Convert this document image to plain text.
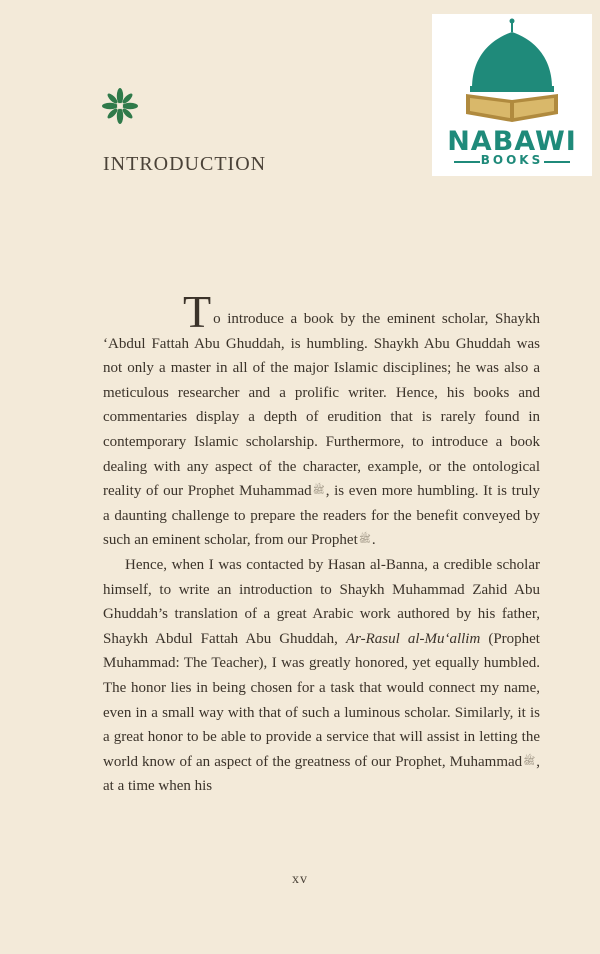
INTRODUCTION
NABAWI
BOOKS

To introduce a book by the eminent scholar, Shaykh ‘Abdul Fattah Abu Ghuddah, is humbling. Shaykh Abu Ghuddah was not only a master in all of the major Islamic disciplines; he was also a meticulous researcher and a prolific writer. Hence, his books and commentaries display a depth of erudition that is rarely found in contemporary Islamic scholarship. Furthermore, to introduce a book dealing with any aspect of the character, example, or the ontological reality of our Prophet Muhammadﷺ, is even more humbling. It is truly a daunting challenge to prepare the readers for the benefit conveyed by such an eminent scholar, from our Prophetﷺ.

Hence, when I was contacted by Hasan al-Banna, a credible scholar himself, to write an introduction to Shaykh Muhammad Zahid Abu Ghuddah’s translation of a great Arabic work authored by his father, Shaykh Abdul Fattah Abu Ghuddah, Ar-Rasul al-Mu‘allim (Prophet Muhammad: The Teacher), I was greatly honored, yet equally humbled. The honor lies in being chosen for a task that would connect my name, even in a small way with that of such a luminous scholar. Similarly, it is a great honor to be able to provide a service that will assist in letting the world know of an aspect of the greatness of our Prophet, Muhammadﷺ, at a time when his

xv
